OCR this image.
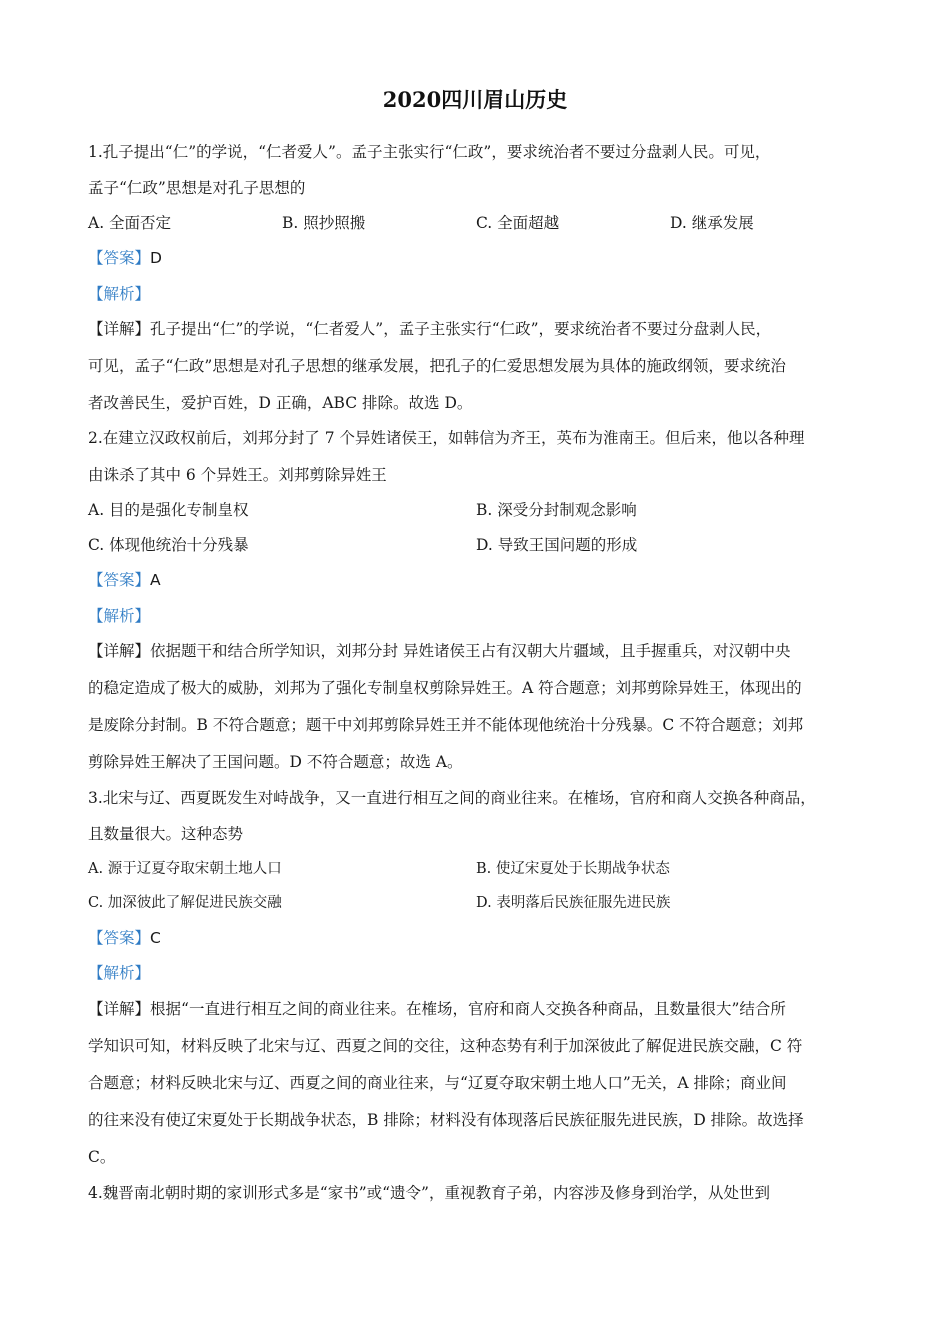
2020四川眉山历史
1.孔子提出“仁”的学说，“仁者爱人”。孟子主张实行“仁政”，要求统治者不要过分盘剥人民。可见，
孟子“仁政”思想是对孔子思想的
A. 全面否定	B. 照抄照搬	C. 全面超越	D. 继承发展
【答案】D
【解析】
【详解】孔子提出“仁”的学说，“仁者爱人”，孟子主张实行“仁政”，要求统治者不要过分盘剥人民，
可见，孟子“仁政”思想是对孔子思想的继承发展，把孔子的仁爱思想发展为具体的施政纲领，要求统治
者改善民生，爱护百姓，D 正确，ABC 排除。故选 D。
2.在建立汉政权前后，刘邦分封了 7 个异姓诸侯王，如韩信为齐王，英布为淮南王。但后来，他以各种理
由诛杀了其中 6 个异姓王。刘邦剪除异姓王
A. 目的是强化专制皇权	B. 深受分封制观念影响
C. 体现他统治十分残暴	D. 导致王国问题的形成
【答案】A
【解析】
【详解】依据题干和结合所学知识，刘邦分封 异姓诸侯王占有汉朝大片疆域，且手握重兵，对汉朝中央
的稳定造成了极大的威胁，刘邦为了强化专制皇权剪除异姓王。A 符合题意；刘邦剪除异姓王，体现出的
是废除分封制。B 不符合题意；题干中刘邦剪除异姓王并不能体现他统治十分残暴。C 不符合题意；刘邦
剪除异姓王解决了王国问题。D 不符合题意；故选 A。
3.北宋与辽、西夏既发生对峙战争，又一直进行相互之间的商业往来。在榷场，官府和商人交换各种商品，
且数量很大。这种态势
A. 源于辽夏夺取宋朝土地人口	B. 使辽宋夏处于长期战争状态
C. 加深彼此了解促进民族交融	D. 表明落后民族征服先进民族
【答案】C
【解析】
【详解】根据“一直进行相互之间的商业往来。在榷场，官府和商人交换各种商品，且数量很大”结合所
学知识可知，材料反映了北宋与辽、西夏之间的交往，这种态势有利于加深彼此了解促进民族交融，C 符
合题意；材料反映北宋与辽、西夏之间的商业往来，与“辽夏夺取宋朝土地人口”无关，A 排除；商业间
的往来没有使辽宋夏处于长期战争状态，B 排除；材料没有体现落后民族征服先进民族，D 排除。故选择
C。
4.魏晋南北朝时期的家训形式多是“家书”或“遗令”，重视教育子弟，内容涉及修身到治学，从处世到
